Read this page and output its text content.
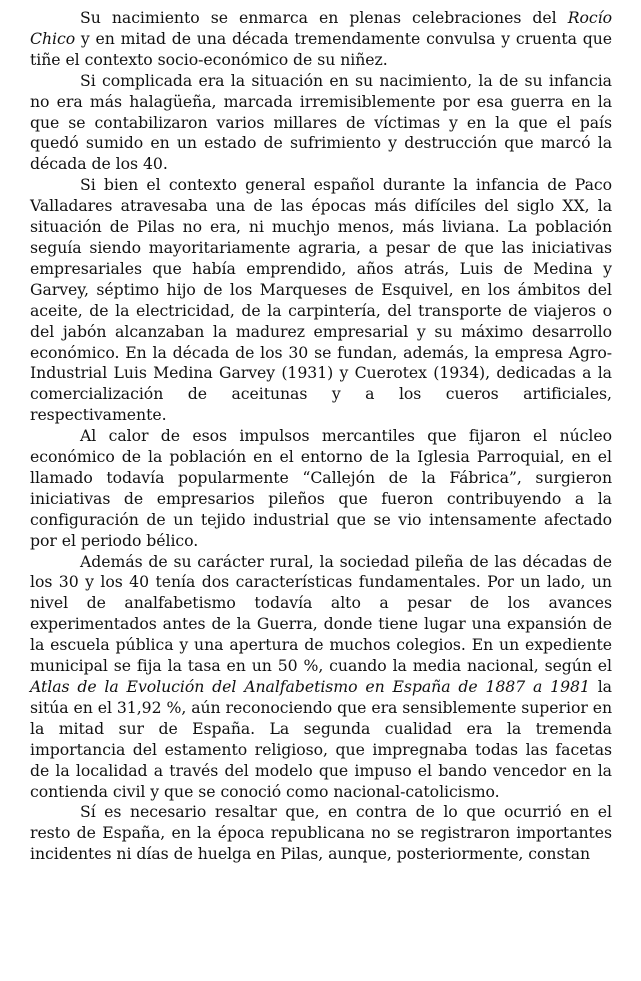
Su nacimiento se enmarca en plenas celebraciones del Rocío Chico y en mitad de una década tremendamente convulsa y cruenta que tiñe el contexto socio-económico de su niñez.

Si complicada era la situación en su nacimiento, la de su infancia no era más halagüeña, marcada irremisiblemente por esa guerra en la que se contabilizaron varios millares de víctimas y en la que el país quedó sumido en un estado de sufrimiento y destrucción que marcó la década de los 40.

Si bien el contexto general español durante la infancia de Paco Valladares atravesaba una de las épocas más difíciles del siglo XX, la situación de Pilas no era, ni muchjo menos, más liviana. La población seguía siendo mayoritariamente agraria, a pesar de que las iniciativas empresariales que había emprendido, años atrás, Luis de Medina y Garvey, séptimo hijo de los Marqueses de Esquivel, en los ámbitos del aceite, de la electricidad, de la carpintería, del transporte de viajeros o del jabón alcanzaban la madurez empresarial y su máximo desarrollo económico. En la década de los 30 se fundan, además, la empresa Agro-Industrial Luis Medina Garvey (1931) y Cuerotex (1934), dedicadas a la comercialización de aceitunas y a los cueros artificiales, respectivamente.

Al calor de esos impulsos mercantiles que fijaron el núcleo económico de la población en el entorno de la Iglesia Parroquial, en el llamado todavía popularmente “Callejón de la Fábrica”, surgieron iniciativas de empresarios pileños que fueron contribuyendo a la configuración de un tejido industrial que se vio intensamente afectado por el periodo bélico.

Además de su carácter rural, la sociedad pileña de las décadas de los 30 y los 40 tenía dos características fundamentales. Por un lado, un nivel de analfabetismo todavía alto a pesar de los avances experimentados antes de la Guerra, donde tiene lugar una expansión de la escuela pública y una apertura de muchos colegios. En un expediente municipal se fija la tasa en un 50 %, cuando la media nacional, según el Atlas de la Evolución del Analfabetismo en España de 1887 a 1981 la sitúa en el 31,92 %, aún reconociendo que era sensiblemente superior en la mitad sur de España. La segunda cualidad era la tremenda importancia del estamento religioso, que impregnaba todas las facetas de la localidad a través del modelo que impuso el bando vencedor en la contienda civil y que se conoció como nacional-catolicismo.

Sí es necesario resaltar que, en contra de lo que ocurrió en el resto de España, en la época republicana no se registraron importantes incidentes ni días de huelga en Pilas, aunque, posteriormente, constan
